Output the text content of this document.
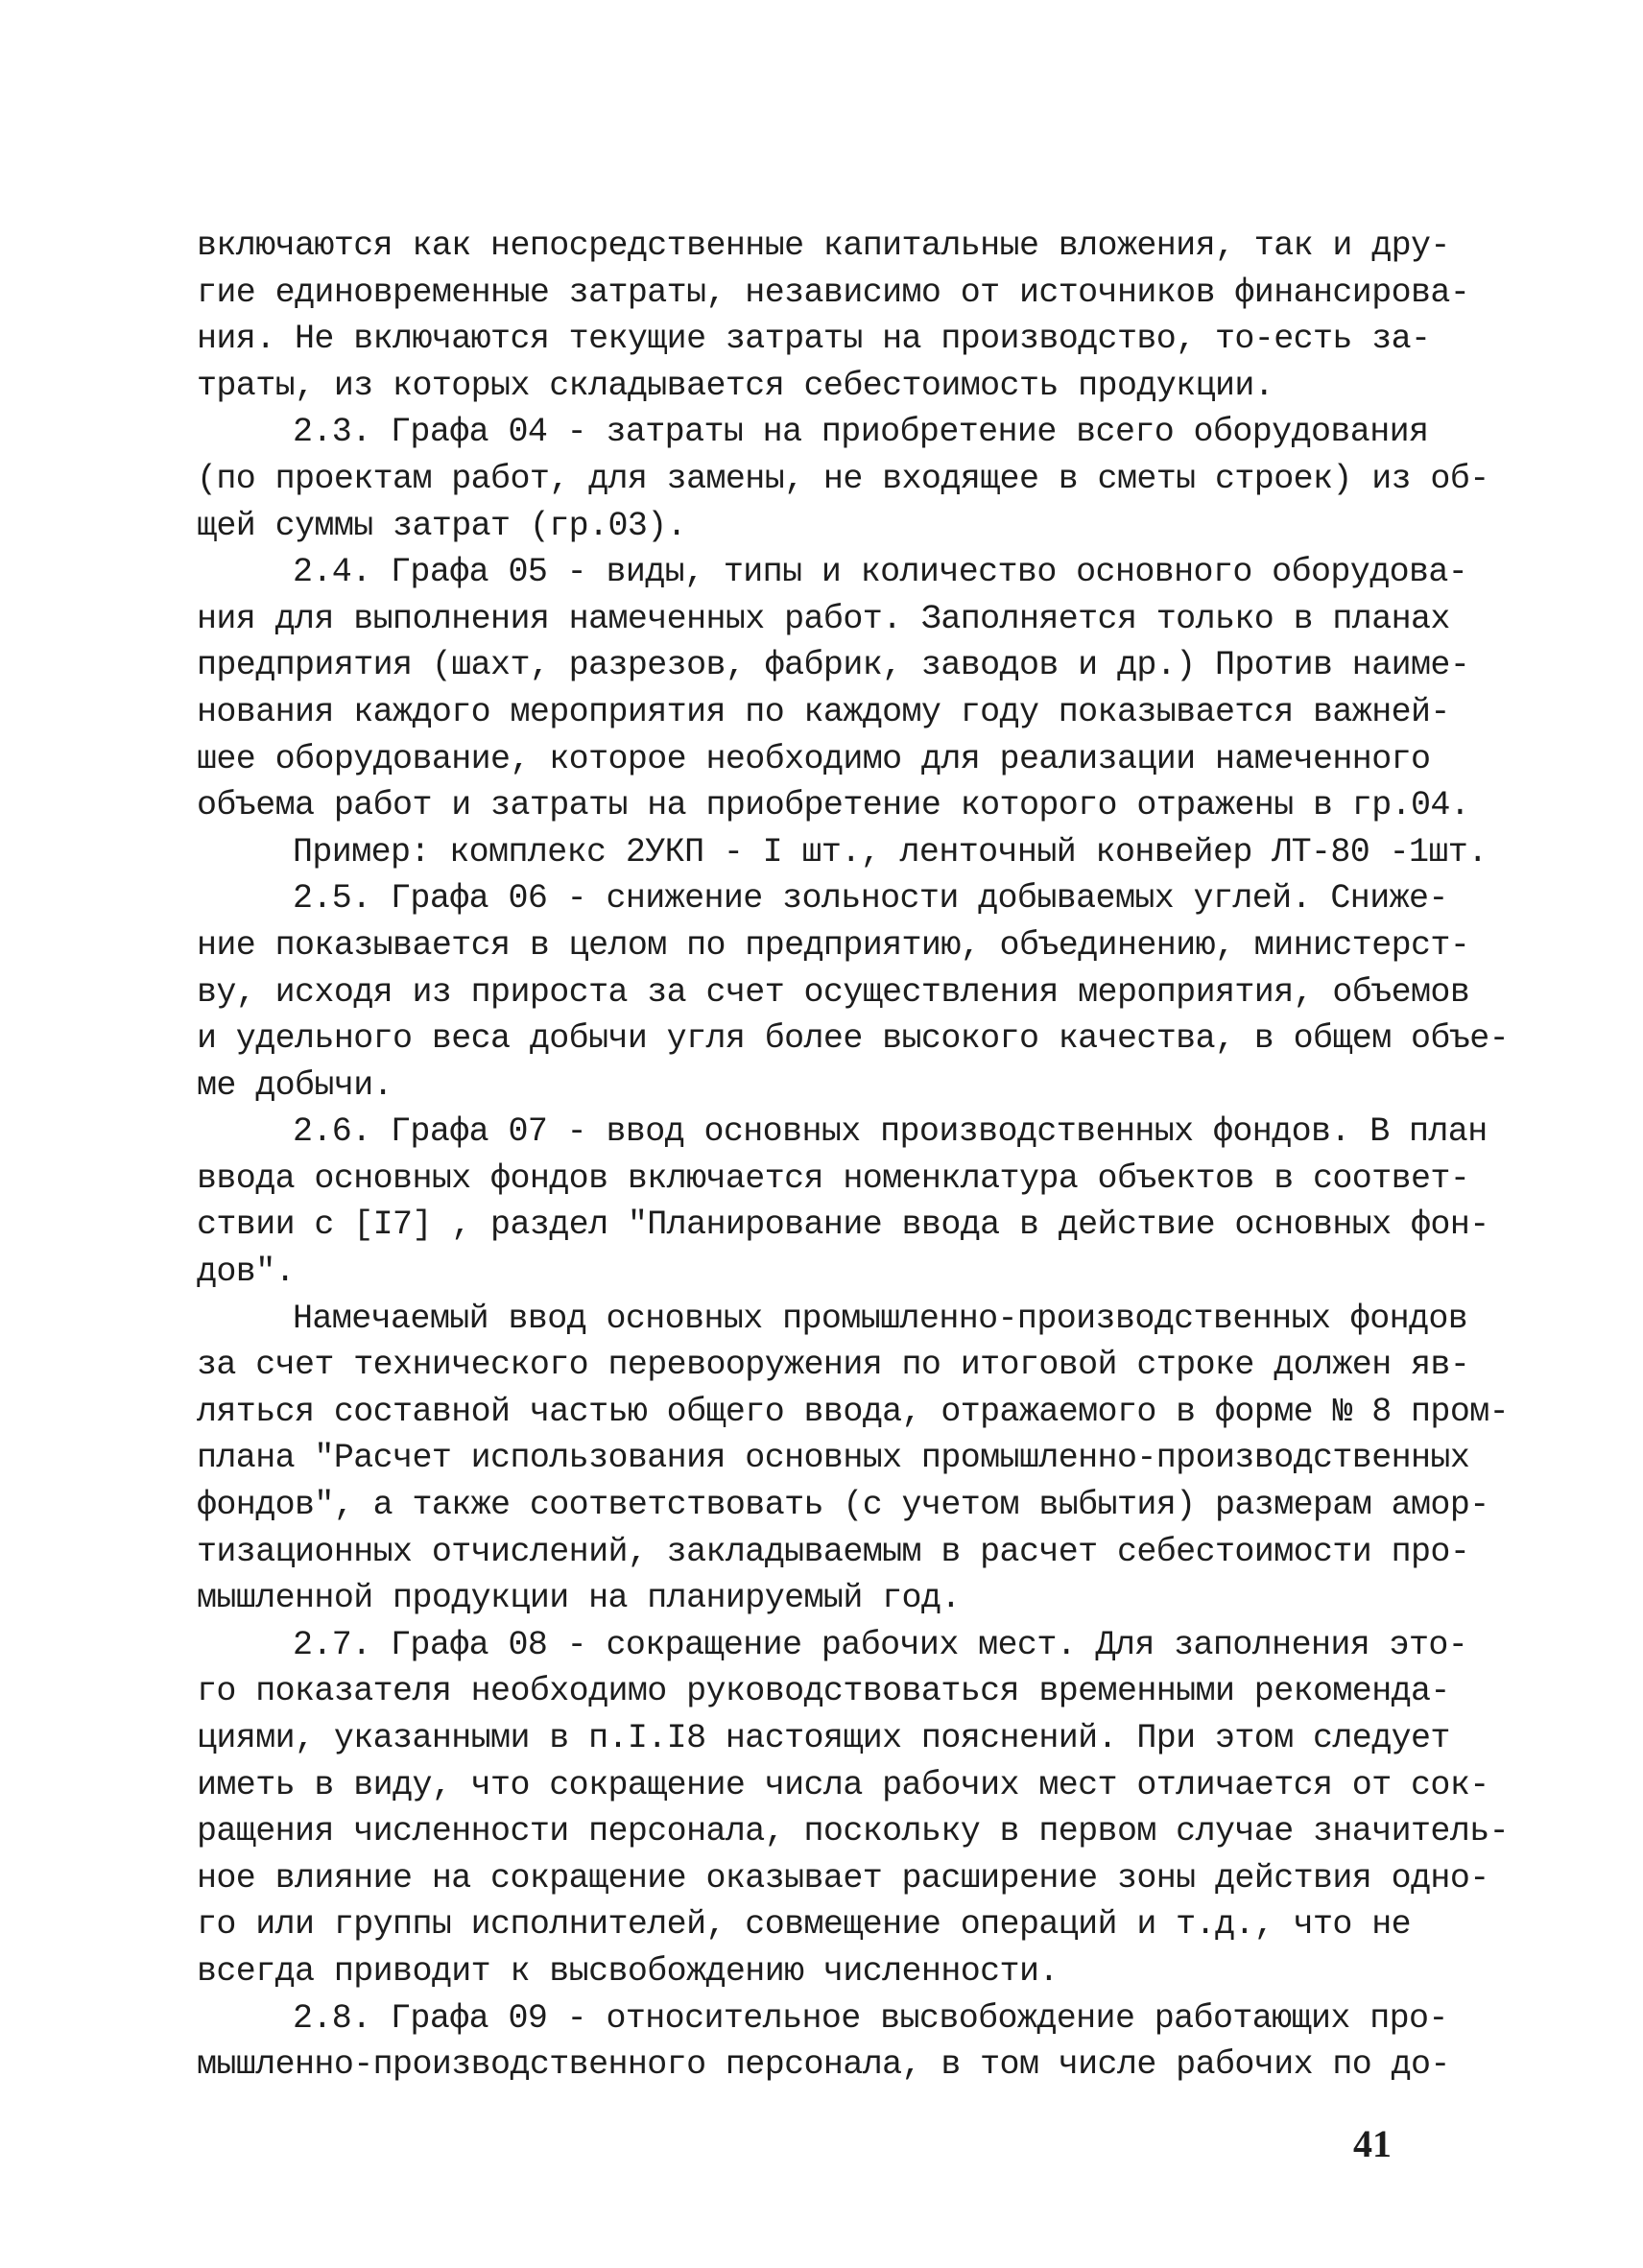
включаются как непосредственные капитальные вложения, так и дру-
гие единовременные затраты, независимо от источников финансирова-
ния. Не включаются текущие затраты на производство, то-есть за-
траты, из которых складывается себестоимость продукции.
2.3. Графа 04 - затраты на приобретение всего оборудования
(по проектам работ, для замены, не входящее в сметы строек) из об-
щей суммы затрат (гр.03).
2.4. Графа 05 - виды, типы и количество основного оборудова-
ния для выполнения намеченных работ. Заполняется только в планах
предприятия (шахт, разрезов, фабрик, заводов и др.) Против наиме-
нования каждого мероприятия по каждому году показывается важней-
шее оборудование, которое необходимо для реализации намеченного
объема работ и затраты на приобретение которого отражены в гр.04.
Пример: комплекс 2УКП - I шт., ленточный конвейер ЛТ-80 -1шт.
2.5. Графа 06 - снижение зольности добываемых углей. Сниже-
ние показывается в целом по предприятию, объединению, министерст-
ву, исходя из прироста за счет осуществления мероприятия, объемов
и удельного веса добычи угля более высокого качества, в общем объе-
ме добычи.
2.6. Графа 07 - ввод основных производственных фондов. В план
ввода основных фондов включается номенклатура объектов в соответ-
ствии с [I7] , раздел "Планирование ввода в действие основных фон-
дов".
Намечаемый ввод основных промышленно-производственных фондов
за счет технического перевооружения по итоговой строке должен яв-
ляться составной частью общего ввода, отражаемого в форме № 8 пром-
плана "Расчет использования основных промышленно-производственных
фондов", а также соответствовать (с учетом выбытия) размерам амор-
тизационных отчислений, закладываемым в расчет себестоимости про-
мышленной продукции на планируемый год.
2.7. Графа 08 - сокращение рабочих мест. Для заполнения это-
го показателя необходимо руководствоваться временными рекоменда-
циями, указанными в п.I.I8 настоящих пояснений. При этом следует
иметь в виду, что сокращение числа рабочих мест отличается от сок-
ращения численности персонала, поскольку в первом случае значитель-
ное влияние на сокращение оказывает расширение зоны действия одно-
го или группы исполнителей, совмещение операций и т.д., что не
всегда приводит к высвобождению численности.
2.8. Графа 09 - относительное высвобождение работающих про-
мышленно-производственного персонала, в том числе рабочих по до-
41
